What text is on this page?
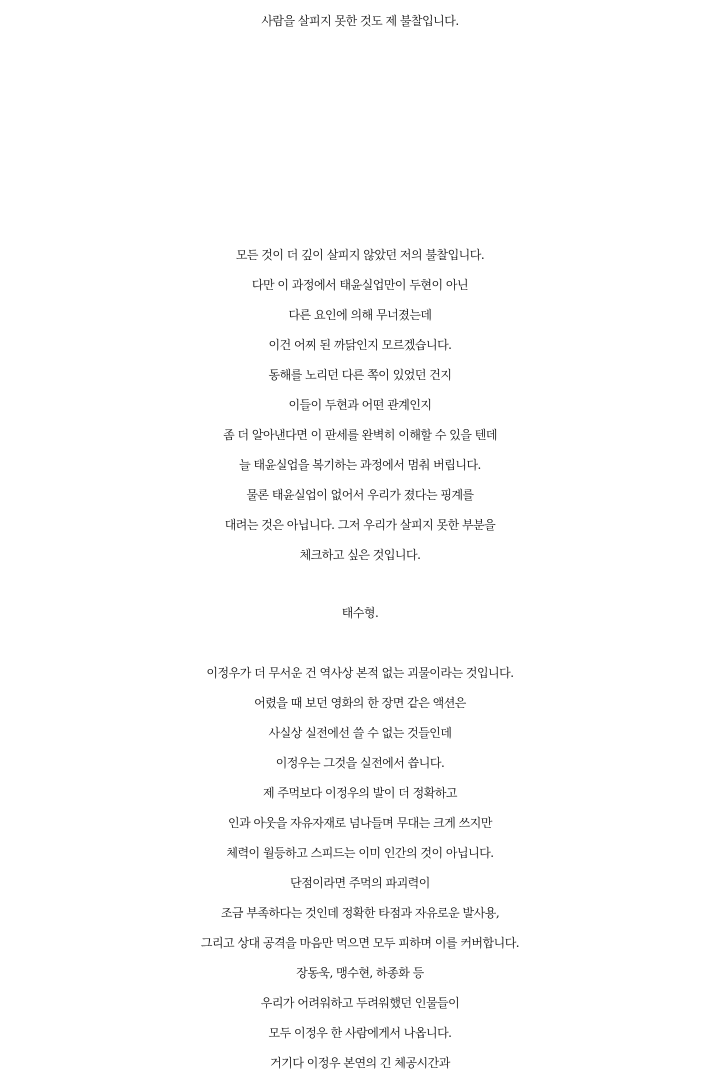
사람을 살피지 못한 것도 제 불찰입니다.
모든 것이 더 깊이 살피지 않았던 저의 불찰입니다.
다만 이 과정에서 태윤실업만이 두현이 아닌
다른 요인에 의해 무너졌는데
이건 어찌 된 까닭인지 모르겠습니다.
동해를 노리던 다른 쪽이 있었던 건지
이들이 두현과 어떤 관계인지
좀 더 알아낸다면 이 판세를 완벽히 이해할 수 있을 텐데
늘 태윤실업을 복기하는 과정에서 멈춰 버립니다.
물론 태윤실업이 없어서 우리가 졌다는 핑계를
대려는 것은 아닙니다. 그저 우리가 살피지 못한 부분을
체크하고 싶은 것입니다.
태수형.
이정우가 더 무서운 건 역사상 본적 없는 괴물이라는 것입니다.
어렸을 때 보던 영화의 한 장면 같은 액션은
사실상 실전에선 쓸 수 없는 것들인데
이정우는 그것을 실전에서 씁니다.
제 주먹보다 이정우의 발이 더 정확하고
인과 아웃을 자유자재로 넘나들며 무대는 크게 쓰지만
체력이 월등하고 스피드는 이미 인간의 것이 아닙니다.
단점이라면 주먹의 파괴력이
조금 부족하다는 것인데 정확한 타점과 자유로운 발사용,
그리고 상대 공격을 마음만 먹으면 모두 피하며 이를 커버합니다.
장동욱, 맹수현, 하종화 등
우리가 어려워하고 두려워했던 인물들이
모두 이정우 한 사람에게서 나옵니다.
거기다 이정우 본연의 긴 체공시간과
